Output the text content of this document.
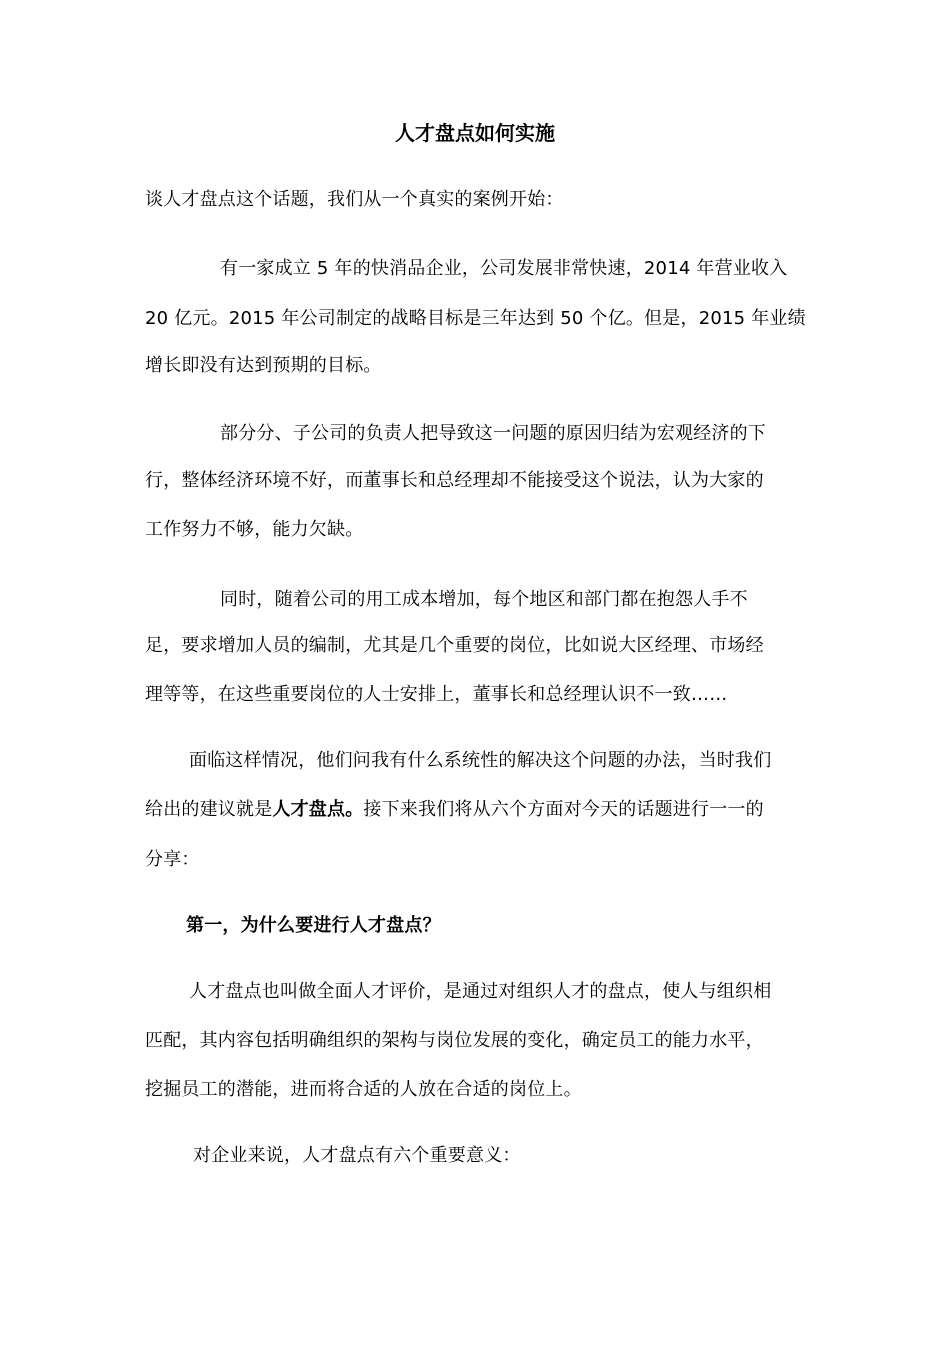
人才盘点如何实施
谈人才盘点这个话题，我们从一个真实的案例开始：
有一家成立 5 年的快消品企业，公司发展非常快速，2014 年营业收入
20 亿元。2015 年公司制定的战略目标是三年达到 50 个亿。但是，2015 年业绩
增长即没有达到预期的目标。
部分分、子公司的负责人把导致这一问题的原因归结为宏观经济的下
行，整体经济环境不好，而董事长和总经理却不能接受这个说法，认为大家的
工作努力不够，能力欠缺。
同时，随着公司的用工成本增加，每个地区和部门都在抱怨人手不
足，要求增加人员的编制，尤其是几个重要的岗位，比如说大区经理、市场经
理等等，在这些重要岗位的人士安排上，董事长和总经理认识不一致……
面临这样情况，他们问我有什么系统性的解决这个问题的办法，当时我们
给出的建议就是人才盘点。接下来我们将从六个方面对今天的话题进行一一的
分享：
第一，为什么要进行人才盘点？
人才盘点也叫做全面人才评价，是通过对组织人才的盘点，使人与组织相
匹配，其内容包括明确组织的架构与岗位发展的变化，确定员工的能力水平，
挖掘员工的潜能，进而将合适的人放在合适的岗位上。
对企业来说，人才盘点有六个重要意义：
